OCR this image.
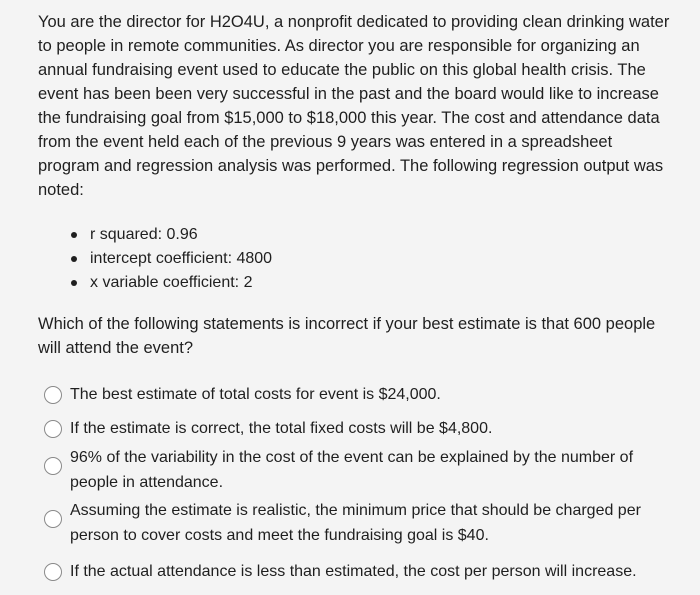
You are the director for H2O4U, a nonprofit dedicated to providing clean drinking water to people in remote communities. As director you are responsible for organizing an annual fundraising event used to educate the public on this global health crisis. The event has been been very successful in the past and the board would like to increase the fundraising goal from $15,000 to $18,000 this year. The cost and attendance data from the event held each of the previous 9 years was entered in a spreadsheet program and regression analysis was performed. The following regression output was noted:
r squared: 0.96
intercept coefficient: 4800
x variable coefficient: 2
Which of the following statements is incorrect if your best estimate is that 600 people will attend the event?
The best estimate of total costs for event is $24,000.
If the estimate is correct, the total fixed costs will be $4,800.
96% of the variability in the cost of the event can be explained by the number of people in attendance.
Assuming the estimate is realistic, the minimum price that should be charged per person to cover costs and meet the fundraising goal is $40.
If the actual attendance is less than estimated, the cost per person will increase.
